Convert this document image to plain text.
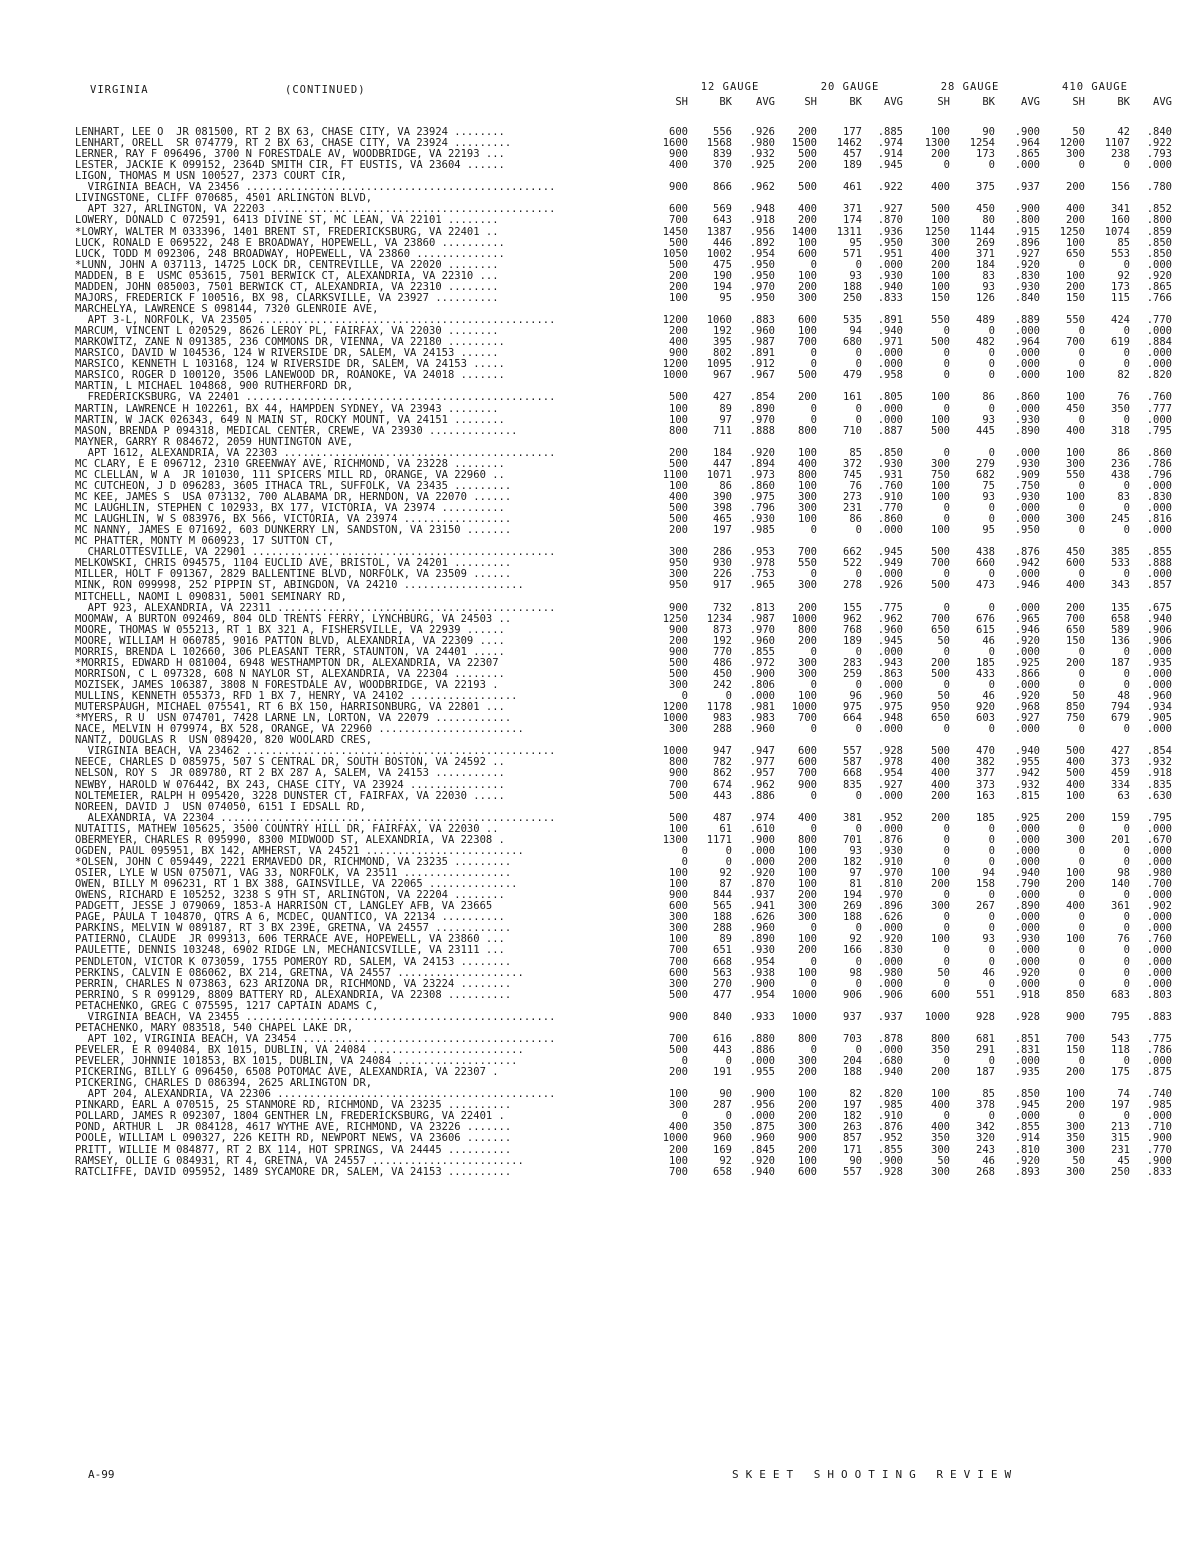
VIRGINIA	(CONTINUED)	12 GAUGE	20 GAUGE	28 GAUGE	410 GAUGE
SH	BK	AVG	SH	BK	AVG	SH	BK	AVG	SH	BK	AVG
LENHART, LEE O  JR 081500, RT 2 BX 63, CHASE CITY, VA 23924 ........	600	556	.926	200	177	.885	100	90	.900	50	42	.840
LENHART, ORELL  SR 074779, RT 2 BX 63, CHASE CITY, VA 23924 .........	1600	1568	.980	1500	1462	.974	1300	1254	.964	1200	1107	.922
LERNER, RAY F 096496, 3700 N FORESTDALE AV, WOODBRIDGE, VA 22193 ...	900	839	.932	500	457	.914	200	173	.865	300	238	.793
LESTER, JACKIE K 099152, 2364D SMITH CIR, FT EUSTIS, VA 23604 ......	400	370	.925	200	189	.945	0	0	.000	0	0	.000
LIGON, THOMAS M USN 100527, 2373 COURT CIR,
VIRGINIA BEACH, VA 23456 .................................................	900	866	.962	500	461	.922	400	375	.937	200	156	.780
LIVINGSTONE, CLIFF 070685, 4501 ARLINGTON BLVD,
APT 327, ARLINGTON, VA 22203 .............................................	600	569	.948	400	371	.927	500	450	.900	400	341	.852
LOWERY, DONALD C 072591, 6413 DIVINE ST, MC LEAN, VA 22101 ........	700	643	.918	200	174	.870	100	80	.800	200	160	.800
*LOWRY, WALTER M 033396, 1401 BRENT ST, FREDERICKSBURG, VA 22401 ..	1450	1387	.956	1400	1311	.936	1250	1144	.915	1250	1074	.859
LUCK, RONALD E 069522, 248 E BROADWAY, HOPEWELL, VA 23860 ..........	500	446	.892	100	95	.950	300	269	.896	100	85	.850
LUCK, TODD M 092306, 248 BROADWAY, HOPEWELL, VA 23860 ..............	1050	1002	.954	600	571	.951	400	371	.927	650	553	.850
*LUNN, JOHN A 037113, 14725 LOCK DR, CENTREVILLE, VA 22020 ........	500	475	.950	0	0	.000	200	184	.920	0	0	.000
MADDEN, B E  USMC 053615, 7501 BERWICK CT, ALEXANDRIA, VA 22310 ...	200	190	.950	100	93	.930	100	83	.830	100	92	.920
MADDEN, JOHN 085003, 7501 BERWICK CT, ALEXANDRIA, VA 22310 ........	200	194	.970	200	188	.940	100	93	.930	200	173	.865
MAJORS, FREDERICK F 100516, BX 98, CLARKSVILLE, VA 23927 ..........	100	95	.950	300	250	.833	150	126	.840	150	115	.766
MARCHELYA, LAWRENCE S 098144, 7320 GLENROIE AVE,
APT 3-L, NORFOLK, VA 23505 ...............................................	1200	1060	.883	600	535	.891	550	489	.889	550	424	.770
MARCUM, VINCENT L 020529, 8626 LEROY PL, FAIRFAX, VA 22030 ........	200	192	.960	100	94	.940	0	0	.000	0	0	.000
MARKOWITZ, ZANE N 091385, 236 COMMONS DR, VIENNA, VA 22180 .........	400	395	.987	700	680	.971	500	482	.964	700	619	.884
MARSICO, DAVID W 104536, 124 W RIVERSIDE DR, SALEM, VA 24153 ......	900	802	.891	0	0	.000	0	0	.000	0	0	.000
MARSICO, KENNETH L 103168, 124 W RIVERSIDE DR, SALEM, VA 24153 .....	1200	1095	.912	0	0	.000	0	0	.000	0	0	.000
MARSICO, ROGER D 100120, 3506 LANEWOOD DR, ROANOKE, VA 24018 .......	1000	967	.967	500	479	.958	0	0	.000	100	82	.820
MARTIN, L MICHAEL 104868, 900 RUTHERFORD DR,
FREDERICKSBURG, VA 22401 .................................................	500	427	.854	200	161	.805	100	86	.860	100	76	.760
MARTIN, LAWRENCE H 102261, BX 44, HAMPDEN SYDNEY, VA 23943 ........	100	89	.890	0	0	.000	0	0	.000	450	350	.777
MARTIN, W JACK 026343, 649 N MAIN ST, ROCKY MOUNT, VA 24151 ........	100	97	.970	0	0	.000	100	93	.930	0	0	.000
MASON, BRENDA P 094318, MEDICAL CENTER, CREWE, VA 23930 ..............	800	711	.888	800	710	.887	500	445	.890	400	318	.795
MAYNER, GARRY R 084672, 2059 HUNTINGTON AVE,
APT 1612, ALEXANDRIA, VA 22303 ...........................................	200	184	.920	100	85	.850	0	0	.000	100	86	.860
MC CLARY, E E 096712, 2310 GREENWAY AVE, RICHMOND, VA 23228 ........	500	447	.894	400	372	.930	300	279	.930	300	236	.786
MC CLELLAN, W A  JR 101030, 111 SPICERS MILL RD, ORANGE, VA 22960 ..	1100	1071	.973	800	745	.931	750	682	.909	550	438	.796
MC CUTCHEON, J D 096283, 3605 ITHACA TRL, SUFFOLK, VA 23435 .........	100	86	.860	100	76	.760	100	75	.750	0	0	.000
MC KEE, JAMES S  USA 073132, 700 ALABAMA DR, HERNDON, VA 22070 ......	400	390	.975	300	273	.910	100	93	.930	100	83	.830
MC LAUGHLIN, STEPHEN C 102933, BX 177, VICTORIA, VA 23974 ..........	500	398	.796	300	231	.770	0	0	.000	0	0	.000
MC LAUGHLIN, W S 083976, BX 566, VICTORIA, VA 23974 .................	500	465	.930	100	86	.860	0	0	.000	300	245	.816
MC NANNY, JAMES E 071692, 603 DUNKERRY LN, SANDSTON, VA 23150 .......	200	197	.985	0	0	.000	100	95	.950	0	0	.000
MC PHATTER, MONTY M 060923, 17 SUTTON CT,
CHARLOTTESVILLE, VA 22901 ................................................	300	286	.953	700	662	.945	500	438	.876	450	385	.855
MELKOWSKI, CHRIS 094575, 1104 EUCLID AVE, BRISTOL, VA 24201 .........	950	930	.978	550	522	.949	700	660	.942	600	533	.888
MILLER, HOLT F 091367, 2829 BALLENTINE BLVD, NORFOLK, VA 23509 ......	300	226	.753	0	0	.000	0	0	.000	0	0	.000
MINK, RON 099998, 252 PIPPIN ST, ABINGDON, VA 24210 ...................	950	917	.965	300	278	.926	500	473	.946	400	343	.857
MITCHELL, NAOMI L 090831, 5001 SEMINARY RD,
APT 923, ALEXANDRIA, VA 22311 ............................................	900	732	.813	200	155	.775	0	0	.000	200	135	.675
MOOMAW, A BURTON 092469, 804 OLD TRENTS FERRY, LYNCHBURG, VA 24503 ..	1250	1234	.987	1000	962	.962	700	676	.965	700	658	.940
MOORE, THOMAS W 055213, RT 1 BX 321 A, FISHERSVILLE, VA 22939 ......	900	873	.970	800	768	.960	650	615	.946	650	589	.906
MOORE, WILLIAM H 060785, 9016 PATTON BLVD, ALEXANDRIA, VA 22309 ....	200	192	.960	200	189	.945	50	46	.920	150	136	.906
MORRIS, BRENDA L 102660, 306 PLEASANT TERR, STAUNTON, VA 24401 .....	900	770	.855	0	0	.000	0	0	.000	0	0	.000
*MORRIS, EDWARD H 081004, 6948 WESTHAMPTON DR, ALEXANDRIA, VA 22307	500	486	.972	300	283	.943	200	185	.925	200	187	.935
MORRISON, C L 097328, 608 N NAYLOR ST, ALEXANDRIA, VA 22304 ........	500	450	.900	300	259	.863	500	433	.866	0	0	.000
MOZISEK, JAMES 106387, 3808 N FORESTDALE AV, WOODBRIDGE, VA 22193 .	300	242	.806	0	0	.000	0	0	.000	0	0	.000
MULLINS, KENNETH 055373, RFD 1 BX 7, HENRY, VA 24102 .................	0	0	.000	100	96	.960	50	46	.920	50	48	.960
MUTERSPAUGH, MICHAEL 075541, RT 6 BX 150, HARRISONBURG, VA 22801 ...	1200	1178	.981	1000	975	.975	950	920	.968	850	794	.934
*MYERS, R U  USN 074701, 7428 LARNE LN, LORTON, VA 22079 ............	1000	983	.983	700	664	.948	650	603	.927	750	679	.905
NACE, MELVIN H 079974, BX 528, ORANGE, VA 22960 .......................	300	288	.960	0	0	.000	0	0	.000	0	0	.000
NANTZ, DOUGLAS R  USN 089420, 820 WOOLARD CRES,
VIRGINIA BEACH, VA 23462 .................................................	1000	947	.947	600	557	.928	500	470	.940	500	427	.854
NEECE, CHARLES D 085975, 507 S CENTRAL DR, SOUTH BOSTON, VA 24592 ..	800	782	.977	600	587	.978	400	382	.955	400	373	.932
NELSON, ROY S  JR 089780, RT 2 BX 287 A, SALEM, VA 24153 ...........	900	862	.957	700	668	.954	400	377	.942	500	459	.918
NEWBY, HAROLD W 076442, BX 243, CHASE CITY, VA 23924 ...............	700	674	.962	900	835	.927	400	373	.932	400	334	.835
NOLTEMEIER, RALPH H 095420, 3228 DUNSTER CT, FAIRFAX, VA 22030 .....	500	443	.886	0	0	.000	200	163	.815	100	63	.630
NOREEN, DAVID J  USN 074050, 6151 I EDSALL RD,
ALEXANDRIA, VA 22304 .....................................................	500	487	.974	400	381	.952	200	185	.925	200	159	.795
NUTAITIS, MATHEW 105625, 3500 COUNTRY HILL DR, FAIRFAX, VA 22030 ..	100	61	.610	0	0	.000	0	0	.000	0	0	.000
OBERMEYER, CHARLES R 095990, 8300 MIDWOOD ST, ALEXANDRIA, VA 22308 .	1300	1171	.900	800	701	.876	0	0	.000	300	201	.670
OGDEN, PAUL 095951, BX 142, AMHERST, VA 24521 .........................	0	0	.000	100	93	.930	0	0	.000	0	0	.000
*OLSEN, JOHN C 059449, 2221 ERMAVEDO DR, RICHMOND, VA 23235 .........	0	0	.000	200	182	.910	0	0	.000	0	0	.000
OSIER, LYLE W USN 075071, VAG 33, NORFOLK, VA 23511 .................	100	92	.920	100	97	.970	100	94	.940	100	98	.980
OWEN, BILLY M 096231, RT 1 BX 388, GAINSVILLE, VA 22065 ..............	100	87	.870	100	81	.810	200	158	.790	200	140	.700
OWENS, RICHARD E 105252, 3238 S 9TH ST, ARLINGTON, VA 22204 ........	900	844	.937	200	194	.970	0	0	.000	0	0	.000
PADGETT, JESSE J 079069, 1853-A HARRISON CT, LANGLEY AFB, VA 23665	600	565	.941	300	269	.896	300	267	.890	400	361	.902
PAGE, PAULA T 104870, QTRS A 6, MCDEC, QUANTICO, VA 22134 ..........	300	188	.626	300	188	.626	0	0	.000	0	0	.000
PARKINS, MELVIN W 089187, RT 3 BX 239E, GRETNA, VA 24557 ............	300	288	.960	0	0	.000	0	0	.000	0	0	.000
PATIERNO, CLAUDE  JR 099313, 606 TERRACE AVE, HOPEWELL, VA 23860 ...	100	89	.890	100	92	.920	100	93	.930	100	76	.760
PAULETTE, DENNIS 103248, 6902 RIDGE LN, MECHANICSVILLE, VA 23111 ...	700	651	.930	200	166	.830	0	0	.000	0	0	.000
PENDLETON, VICTOR K 073059, 1755 POMEROY RD, SALEM, VA 24153 ........	700	668	.954	0	0	.000	0	0	.000	0	0	.000
PERKINS, CALVIN E 086062, BX 214, GRETNA, VA 24557 ....................	600	563	.938	100	98	.980	50	46	.920	0	0	.000
PERRIN, CHARLES N 073863, 623 ARIZONA DR, RICHMOND, VA 23224 ........	300	270	.900	0	0	.000	0	0	.000	0	0	.000
PERRINO, S R 099129, 8809 BATTERY RD, ALEXANDRIA, VA 22308 ..........	500	477	.954	1000	906	.906	600	551	.918	850	683	.803
PETACHENKO, GREG C 075595, 1217 CAPTAIN ADAMS C,
VIRGINIA BEACH, VA 23455 .................................................	900	840	.933	1000	937	.937	1000	928	.928	900	795	.883
PETACHENKO, MARY 083518, 540 CHAPEL LAKE DR,
APT 102, VIRGINIA BEACH, VA 23454 ........................................	700	616	.880	800	703	.878	800	681	.851	700	543	.775
PEVELER, E R 094084, BX 1015, DUBLIN, VA 24084 ........................	500	443	.886	0	0	.000	350	291	.831	150	118	.786
PEVELER, JOHNNIE 101853, BX 1015, DUBLIN, VA 24084 ...................	0	0	.000	300	204	.680	0	0	.000	0	0	.000
PICKERING, BILLY G 096450, 6508 POTOMAC AVE, ALEXANDRIA, VA 22307 .	200	191	.955	200	188	.940	200	187	.935	200	175	.875
PICKERING, CHARLES D 086394, 2625 ARLINGTON DR,
APT 204, ALEXANDRIA, VA 22306 ............................................	100	90	.900	100	82	.820	100	85	.850	100	74	.740
PINKARD, EARL A 070515, 25 STANMORE RD, RICHMOND, VA 23235 ..........	300	287	.956	200	197	.985	400	378	.945	200	197	.985
POLLARD, JAMES R 092307, 1804 GENTHER LN, FREDERICKSBURG, VA 22401 .	0	0	.000	200	182	.910	0	0	.000	0	0	.000
POND, ARTHUR L  JR 084128, 4617 WYTHE AVE, RICHMOND, VA 23226 .......	400	350	.875	300	263	.876	400	342	.855	300	213	.710
POOLE, WILLIAM L 090327, 226 KEITH RD, NEWPORT NEWS, VA 23606 .......	1000	960	.960	900	857	.952	350	320	.914	350	315	.900
PRITT, WILLIE M 084877, RT 2 BX 114, HOT SPRINGS, VA 24445 ..........	200	169	.845	200	171	.855	300	243	.810	300	231	.770
RAMSEY, OLLIE G 084931, RT 4, GRETNA, VA 24557 ........................	100	92	.920	100	90	.900	50	46	.920	50	45	.900
RATCLIFFE, DAVID 095952, 1489 SYCAMORE DR, SALEM, VA 24153 ..........	700	658	.940	600	557	.928	300	268	.893	300	250	.833
A-99	SKEET SHOOTING REVIEW
